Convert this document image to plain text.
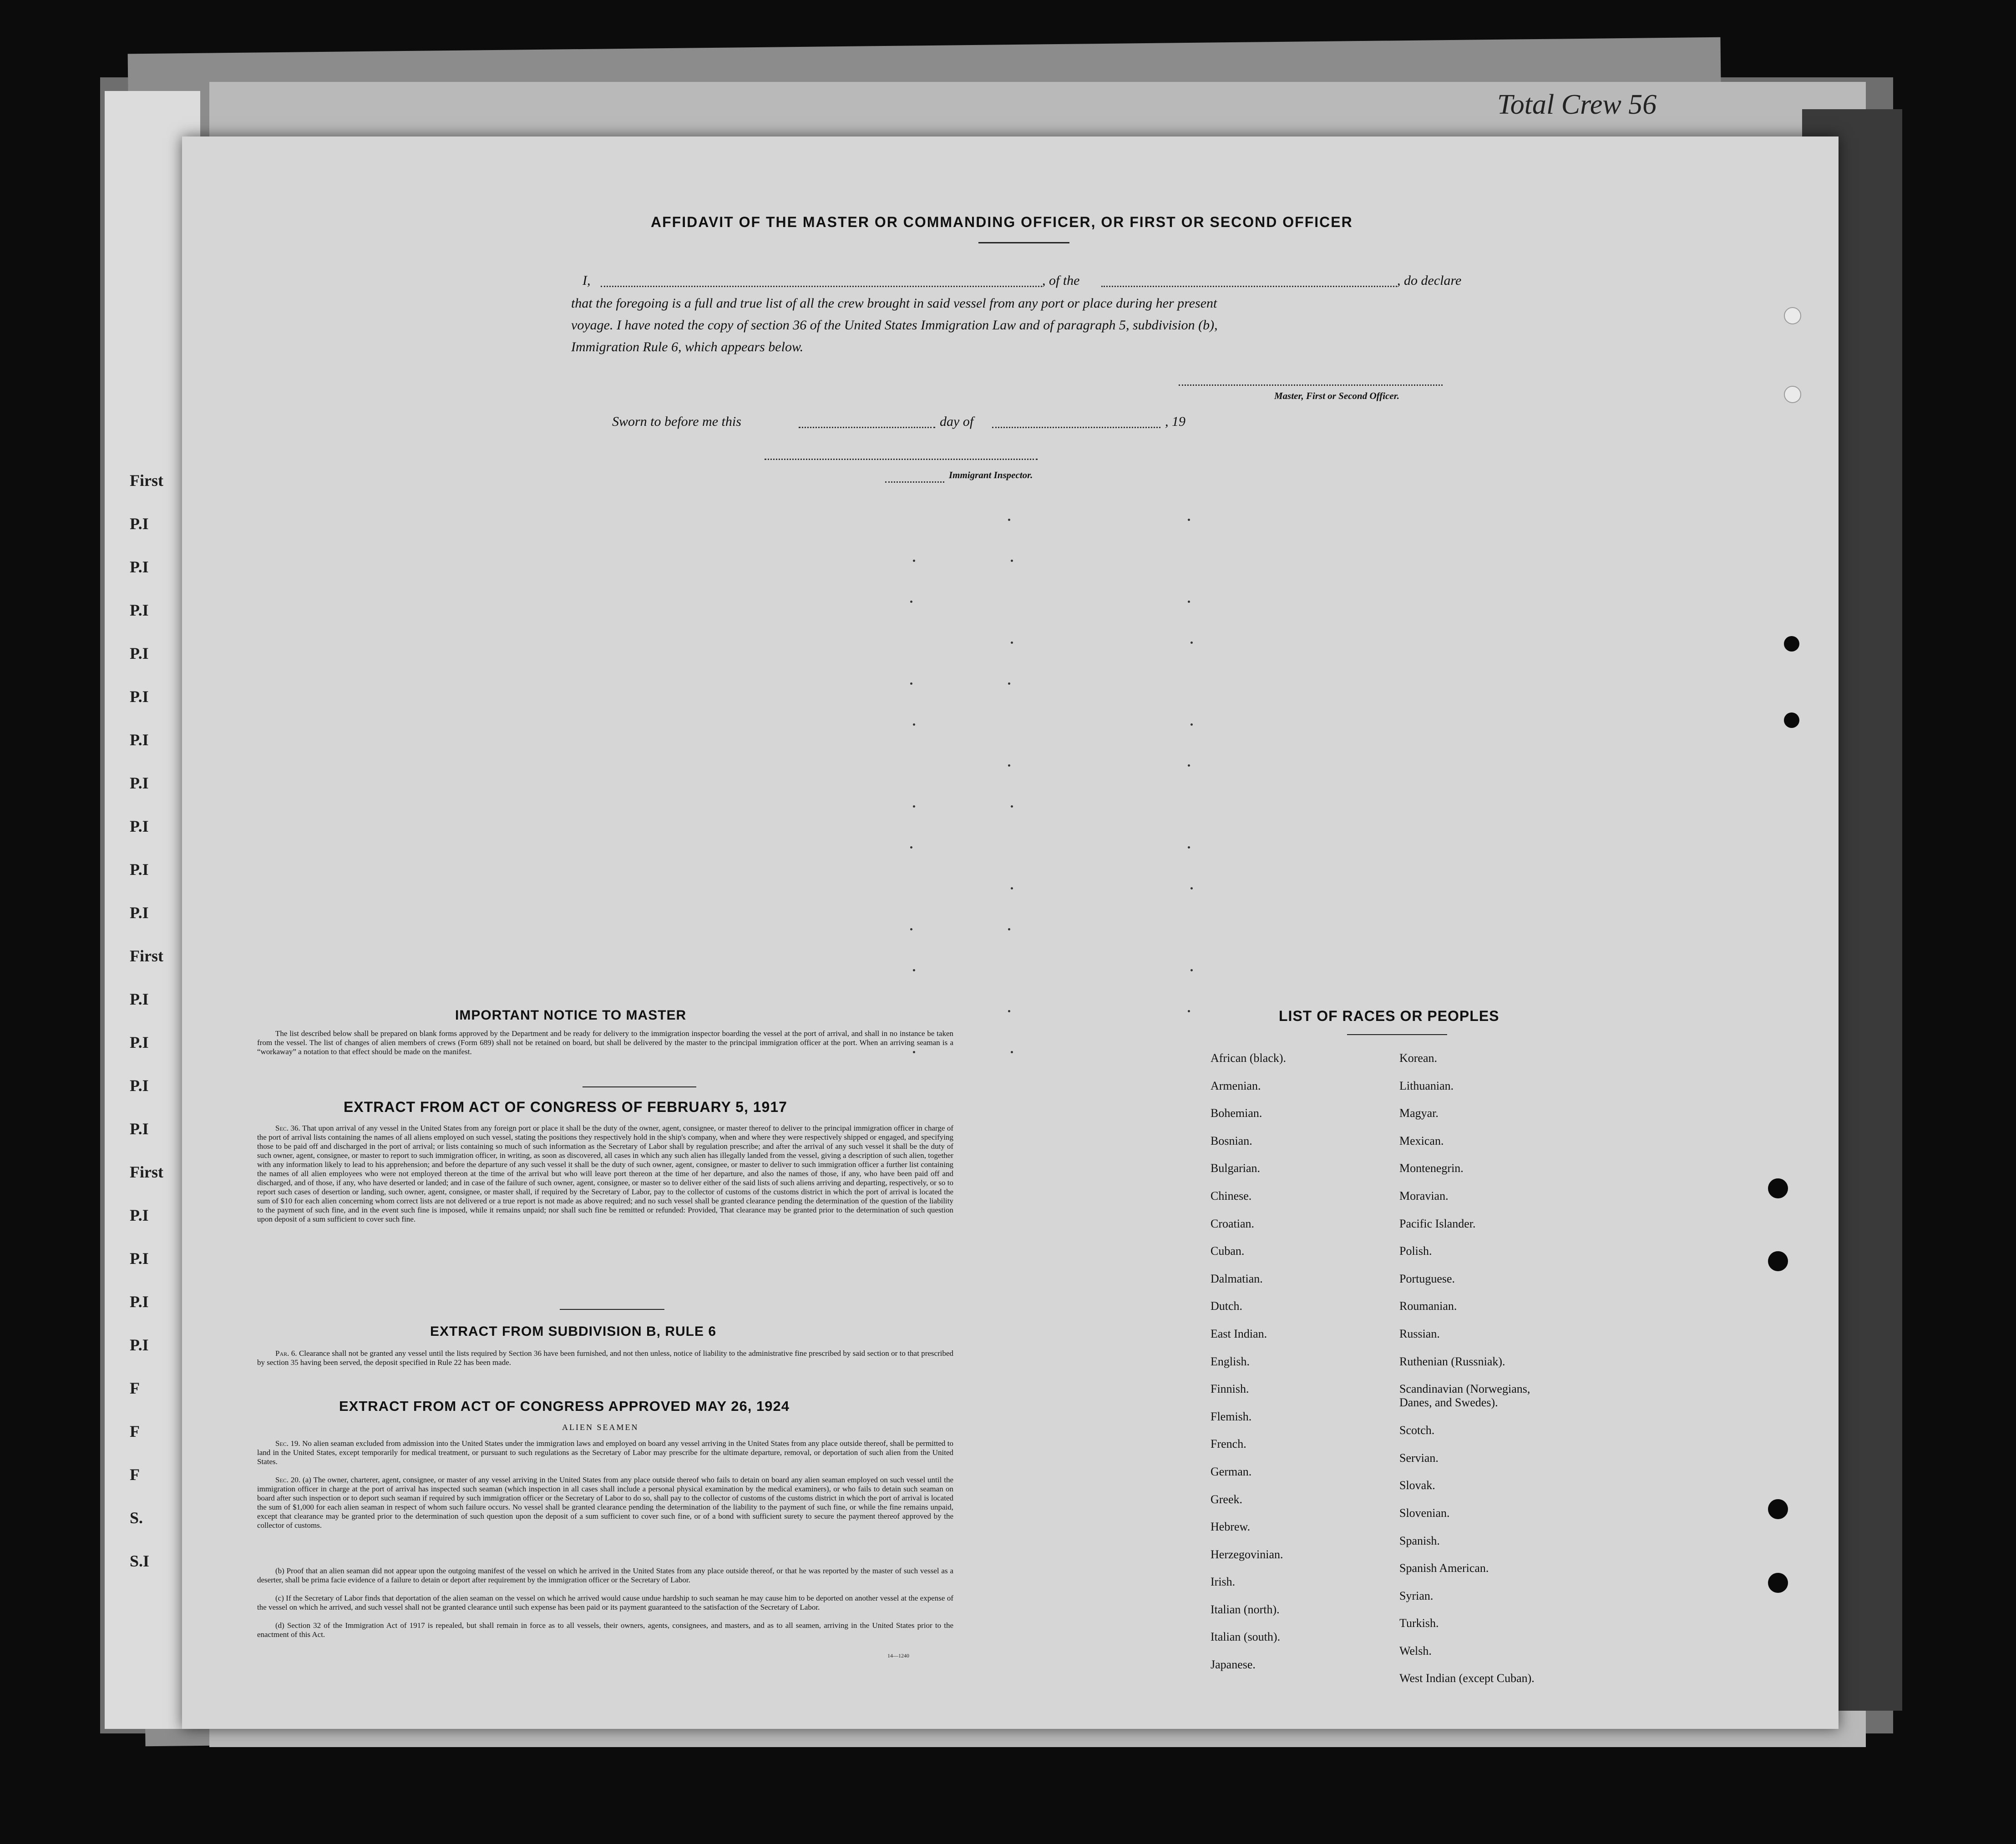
Total Crew 56
First
P.I
P.I
P.I
P.I
P.I
P.I
P.I
P.I
P.I
P.I
First
P.I
P.I
P.I
P.I
First
P.I
P.I
P.I
P.I
F
F
F
S.
S.I
AFFIDAVIT OF THE MASTER OR COMMANDING OFFICER, OR FIRST OR SECOND OFFICER
I,	, of the	, do declare
that the foregoing is a full and true list of all the crew brought in said vessel from any port or place during her present
voyage. I have noted the copy of section 36 of the United States Immigration Law and of paragraph 5, subdivision (b),
Immigration Rule 6, which appears below.
Master, First or Second Officer.
Sworn to before me this	day of	, 19
Immigrant Inspector.
IMPORTANT NOTICE TO MASTER
The list described below shall be prepared on blank forms approved by the Department and be ready for delivery to the immigration inspector boarding the vessel at the port of arrival, and shall in no instance be taken from the vessel. The list of changes of alien members of crews (Form 689) shall not be retained on board, but shall be delivered by the master to the principal immigration officer at the port. When an arriving seaman is a “workaway” a notation to that effect should be made on the manifest.
EXTRACT FROM ACT OF CONGRESS OF FEBRUARY 5, 1917
Sec. 36. That upon arrival of any vessel in the United States from any foreign port or place it shall be the duty of the owner, agent, consignee, or master thereof to deliver to the principal immigration officer in charge of the port of arrival lists containing the names of all aliens employed on such vessel, stating the positions they respectively hold in the ship's company, when and where they were respectively shipped or engaged, and specifying those to be paid off and discharged in the port of arrival; or lists containing so much of such information as the Secretary of Labor shall by regulation prescribe; and after the arrival of any such vessel it shall be the duty of such owner, agent, consignee, or master to report to such immigration officer, in writing, as soon as discovered, all cases in which any such alien has illegally landed from the vessel, giving a description of such alien, together with any information likely to lead to his apprehension; and before the departure of any such vessel it shall be the duty of such owner, agent, consignee, or master to deliver to such immigration officer a further list containing the names of all alien employees who were not employed thereon at the time of the arrival but who will leave port thereon at the time of her departure, and also the names of those, if any, who have been paid off and discharged, and of those, if any, who have deserted or landed; and in case of the failure of such owner, agent, consignee, or master so to deliver either of the said lists of such aliens arriving and departing, respectively, or so to report such cases of desertion or landing, such owner, agent, consignee, or master shall, if required by the Secretary of Labor, pay to the collector of customs of the customs district in which the port of arrival is located the sum of $10 for each alien concerning whom correct lists are not delivered or a true report is not made as above required; and no such vessel shall be granted clearance pending the determination of the question of the liability to the payment of such fine, and in the event such fine is imposed, while it remains unpaid; nor shall such fine be remitted or refunded: Provided, That clearance may be granted prior to the determination of such question upon deposit of a sum sufficient to cover such fine.
EXTRACT FROM SUBDIVISION B, RULE 6
Par. 6. Clearance shall not be granted any vessel until the lists required by Section 36 have been furnished, and not then unless, notice of liability to the administrative fine prescribed by said section or to that prescribed by section 35 having been served, the deposit specified in Rule 22 has been made.
EXTRACT FROM ACT OF CONGRESS APPROVED MAY 26, 1924
ALIEN SEAMEN
Sec. 19. No alien seaman excluded from admission into the United States under the immigration laws and employed on board any vessel arriving in the United States from any place outside thereof, shall be permitted to land in the United States, except temporarily for medical treatment, or pursuant to such regulations as the Secretary of Labor may prescribe for the ultimate departure, removal, or deportation of such alien from the United States.
Sec. 20. (a) The owner, charterer, agent, consignee, or master of any vessel arriving in the United States from any place outside thereof who fails to detain on board any alien seaman employed on such vessel until the immigration officer in charge at the port of arrival has inspected such seaman (which inspection in all cases shall include a personal physical examination by the medical examiners), or who fails to detain such seaman on board after such inspection or to deport such seaman if required by such immigration officer or the Secretary of Labor to do so, shall pay to the collector of customs of the customs district in which the port of arrival is located the sum of $1,000 for each alien seaman in respect of whom such failure occurs. No vessel shall be granted clearance pending the determination of the liability to the payment of such fine, or while the fine remains unpaid, except that clearance may be granted prior to the determination of such question upon the deposit of a sum sufficient to cover such fine, or of a bond with sufficient surety to secure the payment thereof approved by the collector of customs.
(b) Proof that an alien seaman did not appear upon the outgoing manifest of the vessel on which he arrived in the United States from any place outside thereof, or that he was reported by the master of such vessel as a deserter, shall be prima facie evidence of a failure to detain or deport after requirement by the immigration officer or the Secretary of Labor.
(c) If the Secretary of Labor finds that deportation of the alien seaman on the vessel on which he arrived would cause undue hardship to such seaman he may cause him to be deported on another vessel at the expense of the vessel on which he arrived, and such vessel shall not be granted clearance until such expense has been paid or its payment guaranteed to the satisfaction of the Secretary of Labor.
(d) Section 32 of the Immigration Act of 1917 is repealed, but shall remain in force as to all vessels, their owners, agents, consignees, and masters, and as to all seamen, arriving in the United States prior to the enactment of this Act.
14—1240
LIST OF RACES OR PEOPLES
African (black).
Armenian.
Bohemian.
Bosnian.
Bulgarian.
Chinese.
Croatian.
Cuban.
Dalmatian.
Dutch.
East Indian.
English.
Finnish.
Flemish.
French.
German.
Greek.
Hebrew.
Herzegovinian.
Irish.
Italian (north).
Italian (south).
Japanese.
Korean.
Lithuanian.
Magyar.
Mexican.
Montenegrin.
Moravian.
Pacific Islander.
Polish.
Portuguese.
Roumanian.
Russian.
Ruthenian (Russniak).
Scandinavian (Norwegians,
Danes, and Swedes).
Scotch.
Servian.
Slovak.
Slovenian.
Spanish.
Spanish American.
Syrian.
Turkish.
Welsh.
West Indian (except Cuban).
